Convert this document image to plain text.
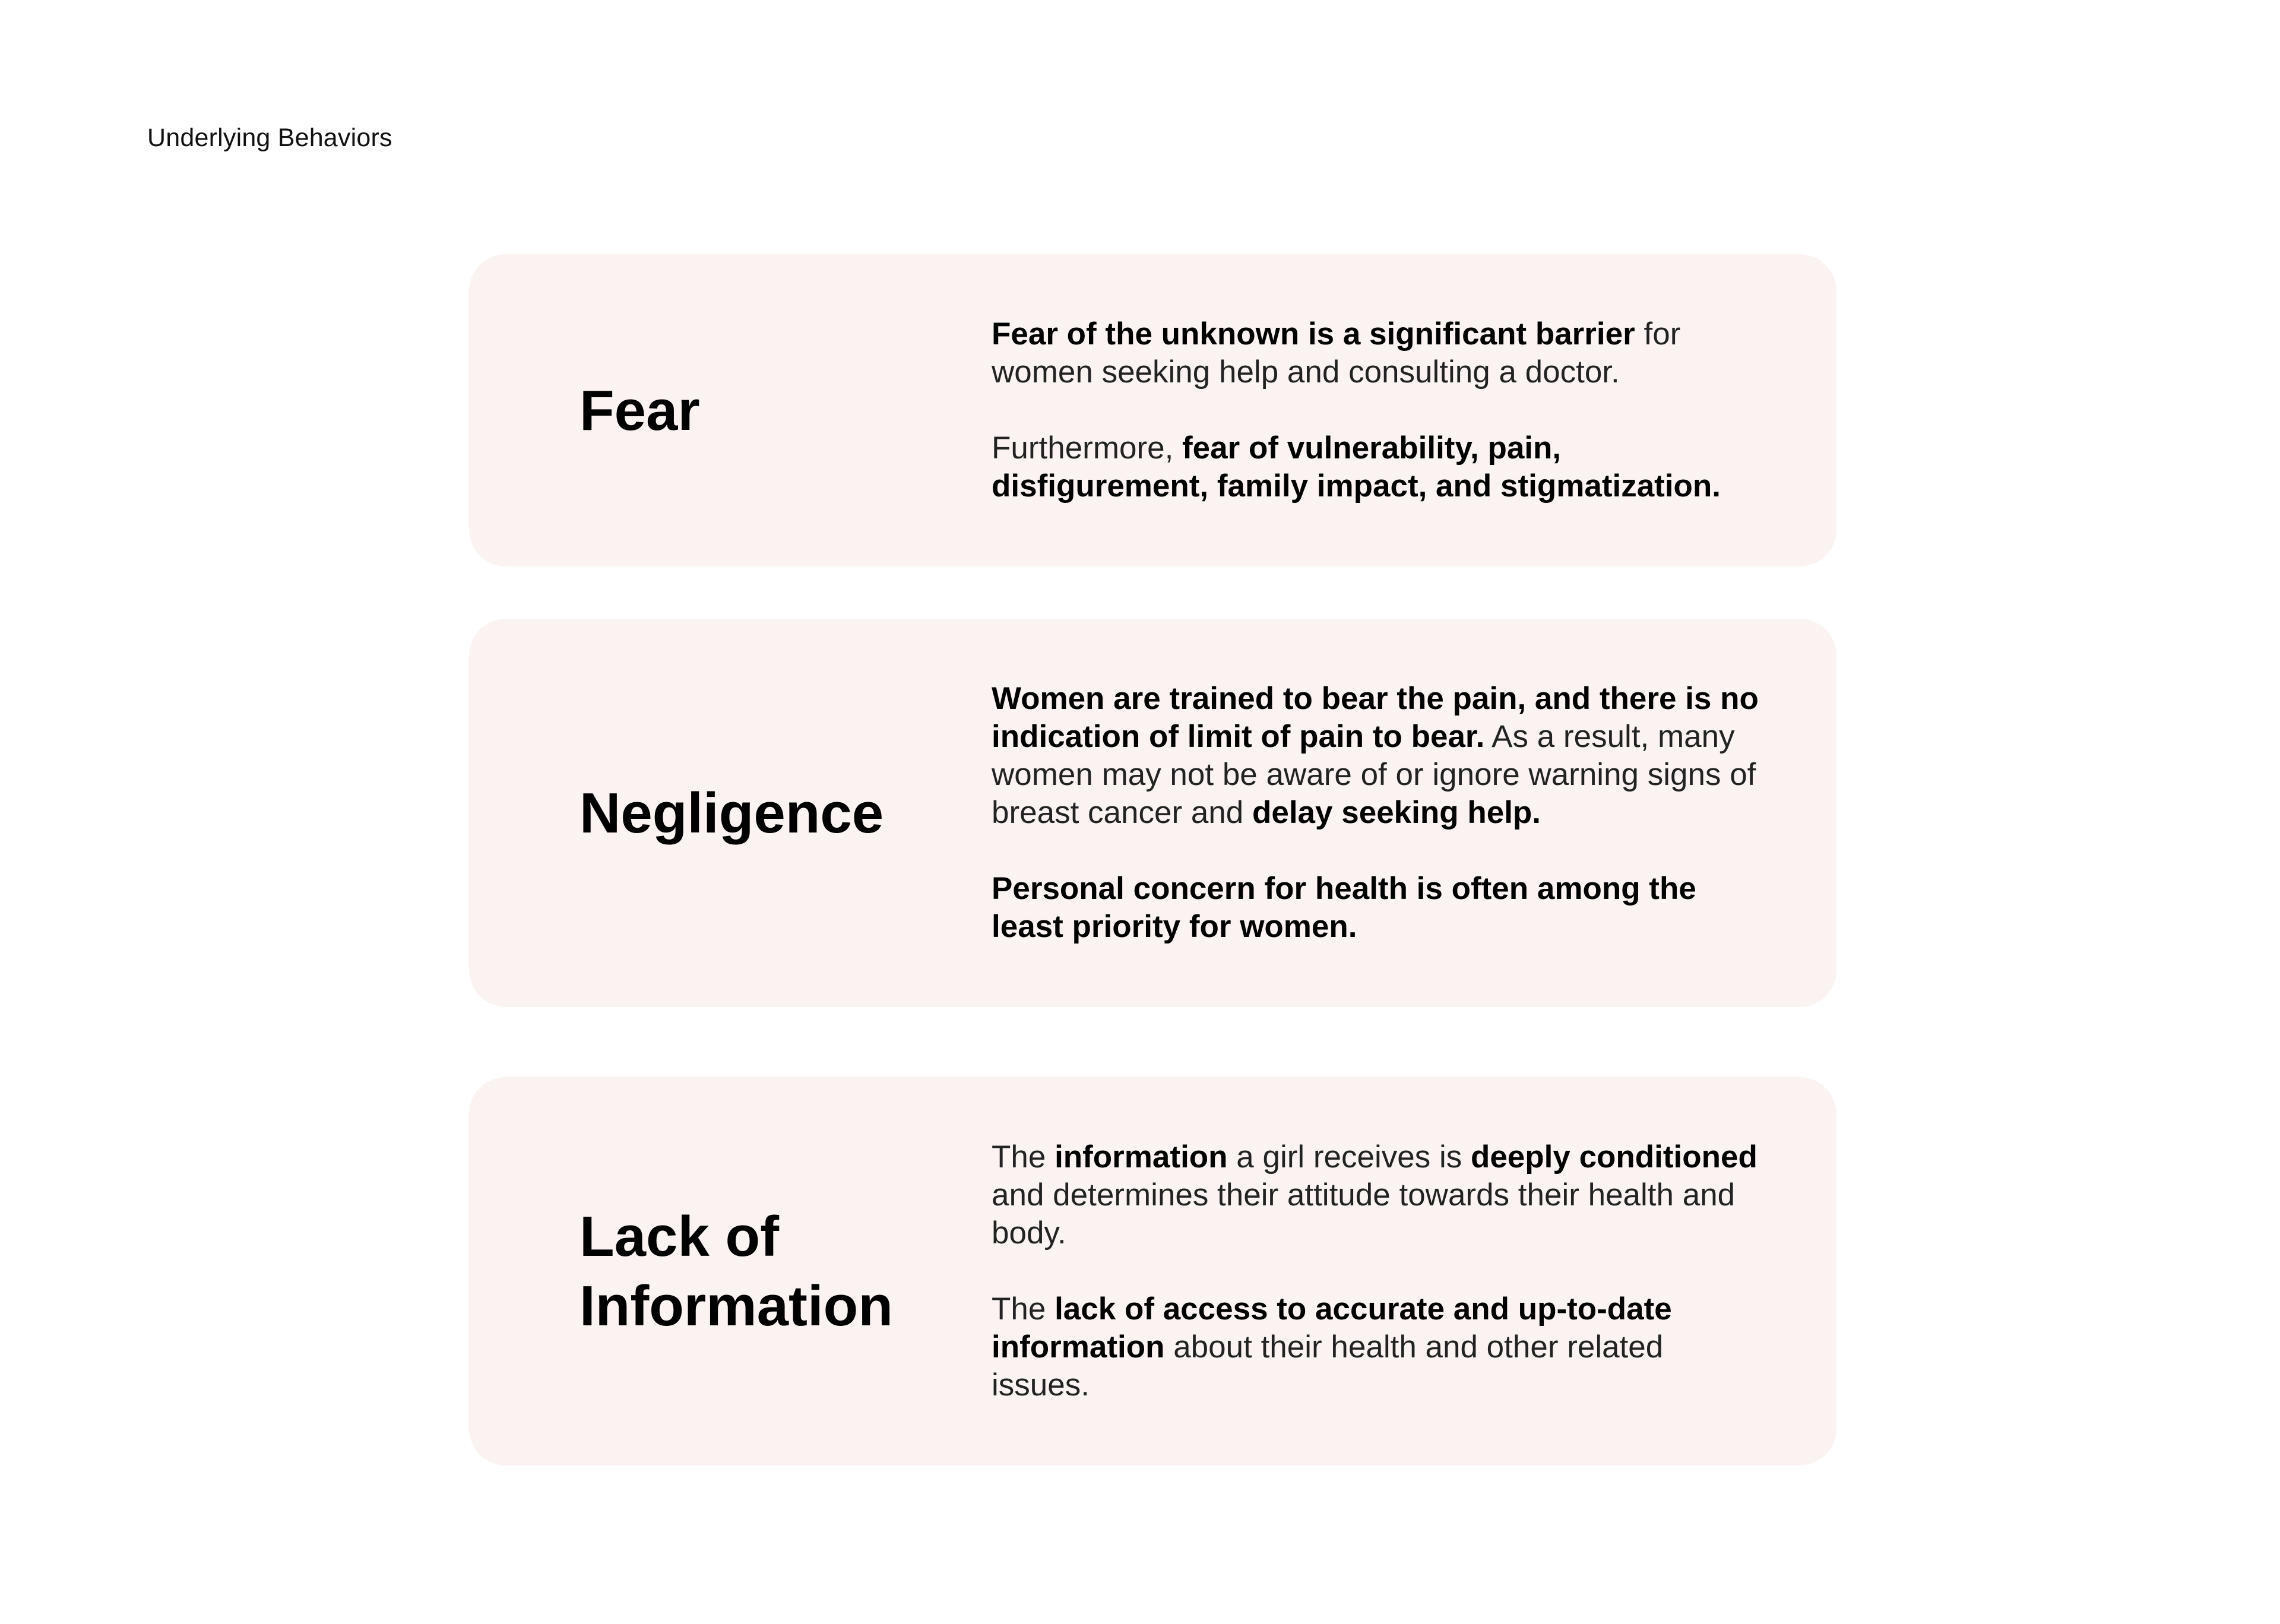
Underlying Behaviors
Fear

Fear of the unknown is a significant barrier for women seeking help and consulting a doctor.

Furthermore, fear of vulnerability, pain, disfigurement, family impact, and stigmatization.

Negligence

Women are trained to bear the pain, and there is no indication of limit of pain to bear. As a result, many women may not be aware of or ignore warning signs of breast cancer and delay seeking help.

Personal concern for health is often among the least priority for women.

Lack of
Information

The information a girl receives is deeply conditioned and determines their attitude towards their health and body.

The lack of access to accurate and up-to-date information about their health and other related issues.
